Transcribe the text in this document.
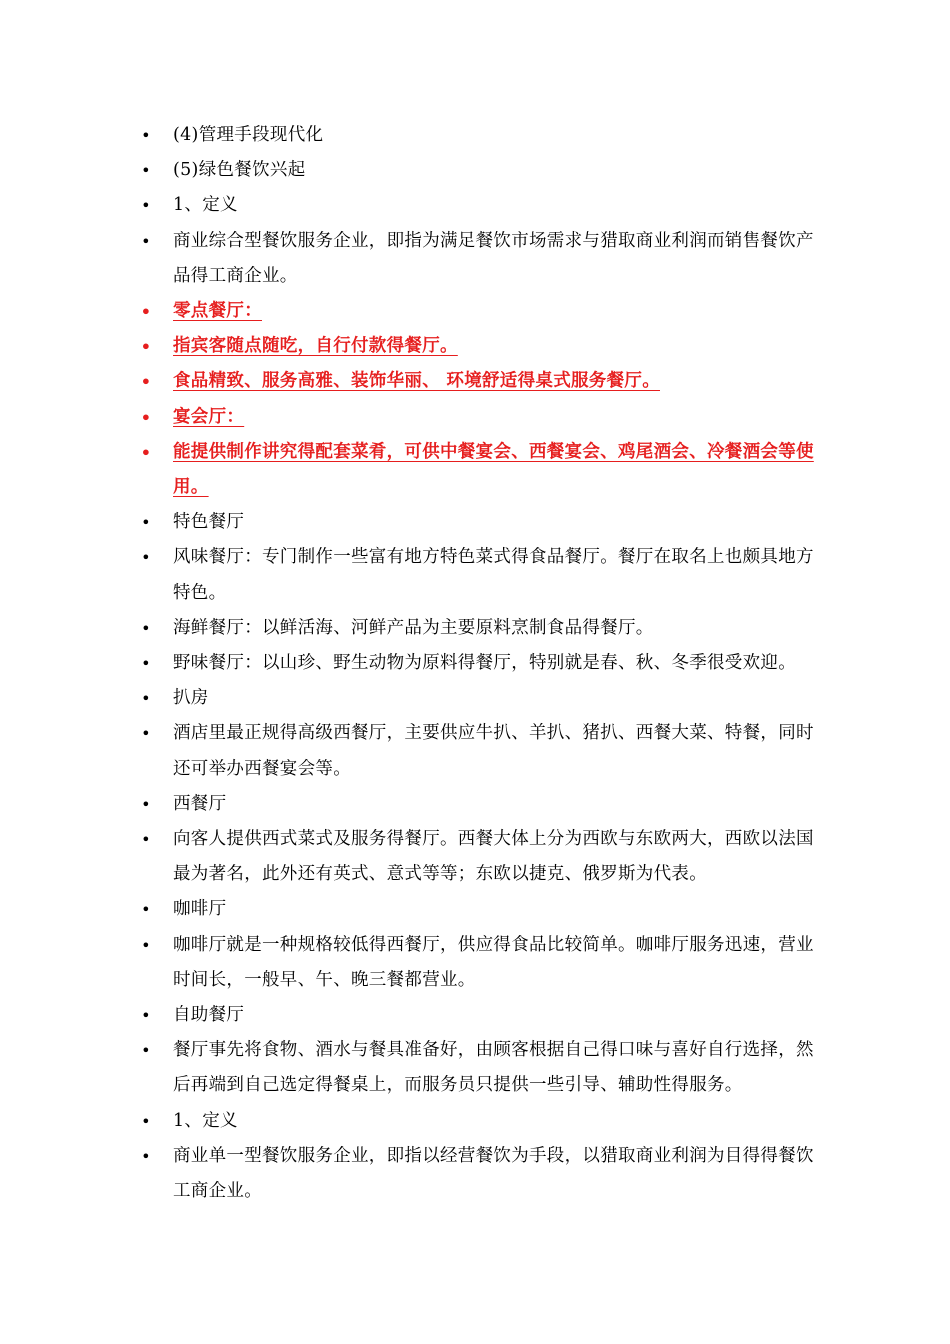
• (4)管理手段现代化
• (5)绿色餐饮兴起
• 1、定义
• 商业综合型餐饮服务企业，即指为满足餐饮市场需求与猎取商业利润而销售餐饮产品得工商企业。
• 零点餐厅：
• 指宾客随点随吃，自行付款得餐厅。
• 食品精致、服务高雅、装饰华丽、 环境舒适得桌式服务餐厅。
• 宴会厅：
• 能提供制作讲究得配套菜肴，可供中餐宴会、西餐宴会、鸡尾酒会、冷餐酒会等使用。
• 特色餐厅
• 风味餐厅：专门制作一些富有地方特色菜式得食品餐厅。餐厅在取名上也颇具地方特色。
• 海鲜餐厅：以鲜活海、河鲜产品为主要原料烹制食品得餐厅。
• 野味餐厅：以山珍、野生动物为原料得餐厅，特别就是春、秋、冬季很受欢迎。
• 扒房
• 酒店里最正规得高级西餐厅，主要供应牛扒、羊扒、猪扒、西餐大菜、特餐，同时还可举办西餐宴会等。
• 西餐厅
• 向客人提供西式菜式及服务得餐厅。西餐大体上分为西欧与东欧两大，西欧以法国最为著名，此外还有英式、意式等等；东欧以捷克、俄罗斯为代表。
• 咖啡厅
• 咖啡厅就是一种规格较低得西餐厅，供应得食品比较简单。咖啡厅服务迅速，营业时间长，一般早、午、晚三餐都营业。
• 自助餐厅
• 餐厅事先将食物、酒水与餐具准备好，由顾客根据自己得口味与喜好自行选择，然后再端到自己选定得餐桌上，而服务员只提供一些引导、辅助性得服务。
• 1、定义
• 商业单一型餐饮服务企业，即指以经营餐饮为手段，以猎取商业利润为目得得餐饮工商企业。
